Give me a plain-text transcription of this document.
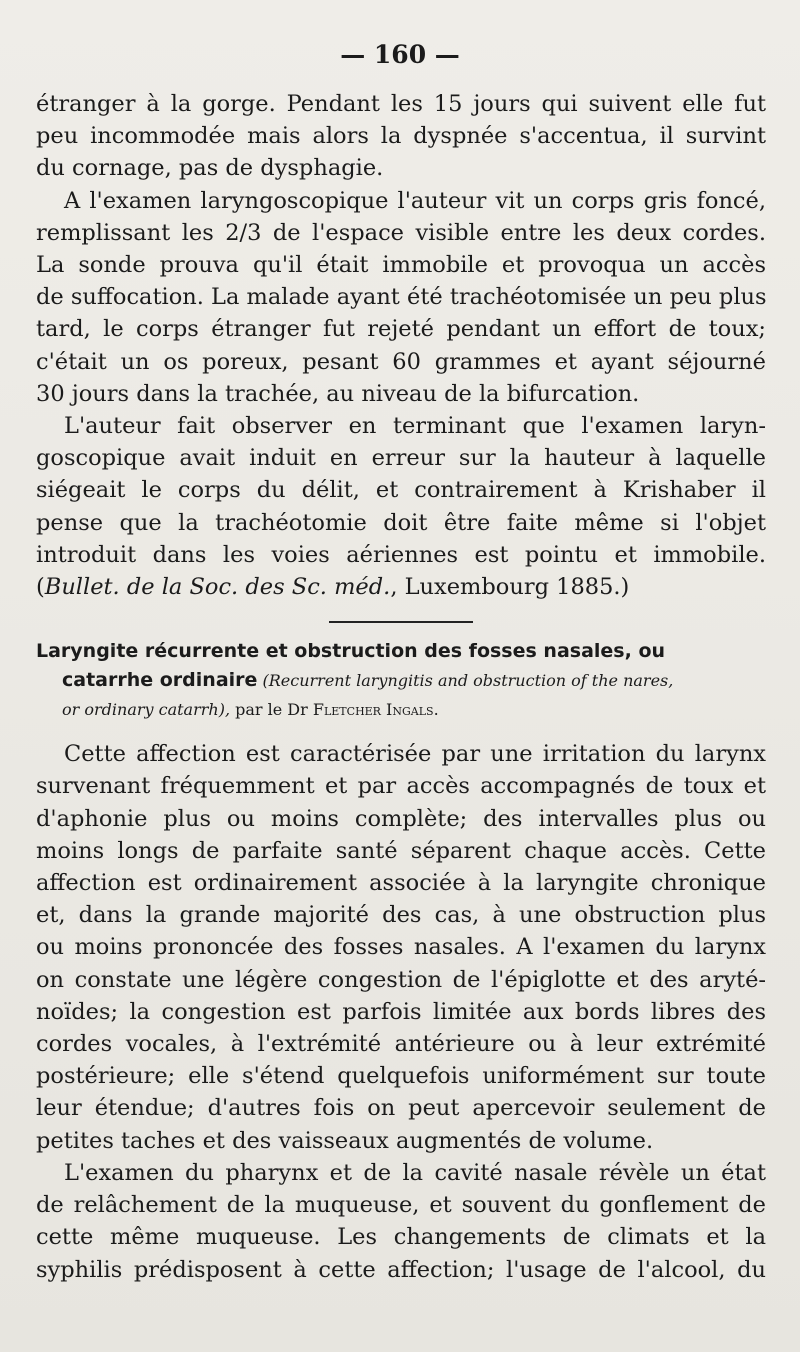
— 160 —
étranger à la gorge. Pendant les 15 jours qui suivent elle fut
peu incommodée mais alors la dyspnée s'accentua, il survint
du cornage, pas de dysphagie.
A l'examen laryngoscopique l'auteur vit un corps gris foncé,
remplissant les 2/3 de l'espace visible entre les deux cordes.
La sonde prouva qu'il était immobile et provoqua un accès
de suffocation. La malade ayant été trachéotomisée un peu plus
tard, le corps étranger fut rejeté pendant un effort de toux;
c'était un os poreux, pesant 60 grammes et ayant séjourné
30 jours dans la trachée, au niveau de la bifurcation.
L'auteur fait observer en terminant que l'examen laryn-
goscopique avait induit en erreur sur la hauteur à laquelle
siégeait le corps du délit, et contrairement à Krishaber il
pense que la trachéotomie doit être faite même si l'objet
introduit dans les voies aériennes est pointu et immobile.
(Bullet. de la Soc. des Sc. méd., Luxembourg 1885.)
Laryngite récurrente et obstruction des fosses nasales, ou
catarrhe ordinaire (Recurrent laryngitis and obstruction of the nares,
or ordinary catarrh), par le Dr Fletcher Ingals.
Cette affection est caractérisée par une irritation du larynx
survenant fréquemment et par accès accompagnés de toux et
d'aphonie plus ou moins complète; des intervalles plus ou
moins longs de parfaite santé séparent chaque accès. Cette
affection est ordinairement associée à la laryngite chronique
et, dans la grande majorité des cas, à une obstruction plus
ou moins prononcée des fosses nasales. A l'examen du larynx
on constate une légère congestion de l'épiglotte et des aryté-
noïdes; la congestion est parfois limitée aux bords libres des
cordes vocales, à l'extrémité antérieure ou à leur extrémité
postérieure; elle s'étend quelquefois uniformément sur toute
leur étendue; d'autres fois on peut apercevoir seulement de
petites taches et des vaisseaux augmentés de volume.
L'examen du pharynx et de la cavité nasale révèle un état
de relâchement de la muqueuse, et souvent du gonflement de
cette même muqueuse. Les changements de climats et la
syphilis prédisposent à cette affection; l'usage de l'alcool, du
